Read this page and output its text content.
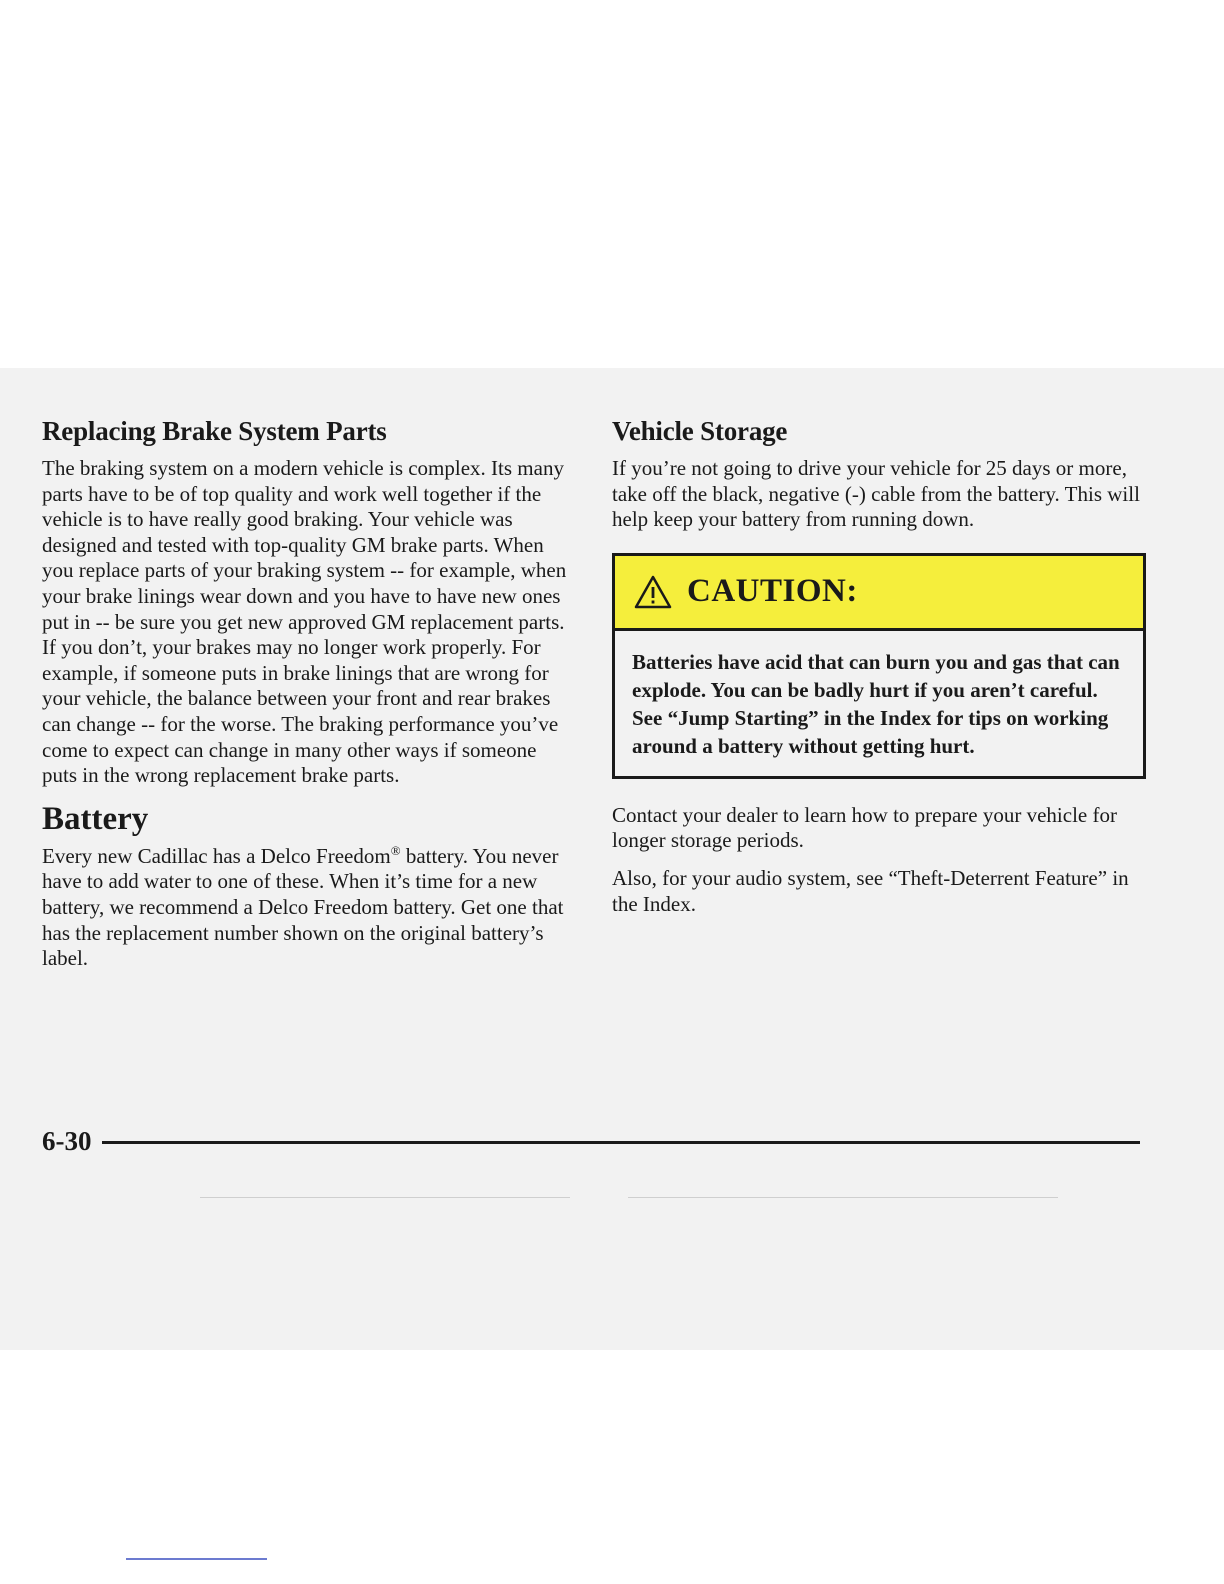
Replacing Brake System Parts

The braking system on a modern vehicle is complex. Its many parts have to be of top quality and work well together if the vehicle is to have really good braking. Your vehicle was designed and tested with top-quality GM brake parts. When you replace parts of your braking system -- for example, when your brake linings wear down and you have to have new ones put in -- be sure you get new approved GM replacement parts. If you don’t, your brakes may no longer work properly. For example, if someone puts in brake linings that are wrong for your vehicle, the balance between your front and rear brakes can change -- for the worse. The braking performance you’ve come to expect can change in many other ways if someone puts in the wrong replacement brake parts.

Battery

Every new Cadillac has a Delco Freedom® battery. You never have to add water to one of these. When it’s time for a new battery, we recommend a Delco Freedom battery. Get one that has the replacement number shown on the original battery’s label.

Vehicle Storage

If you’re not going to drive your vehicle for 25 days or more, take off the black, negative (-) cable from the battery. This will help keep your battery from running down.

CAUTION:
Batteries have acid that can burn you and gas that can explode. You can be badly hurt if you aren’t careful. See “Jump Starting” in the Index for tips on working around a battery without getting hurt.

Contact your dealer to learn how to prepare your vehicle for longer storage periods.

Also, for your audio system, see “Theft-Deterrent Feature” in the Index.

6-30
